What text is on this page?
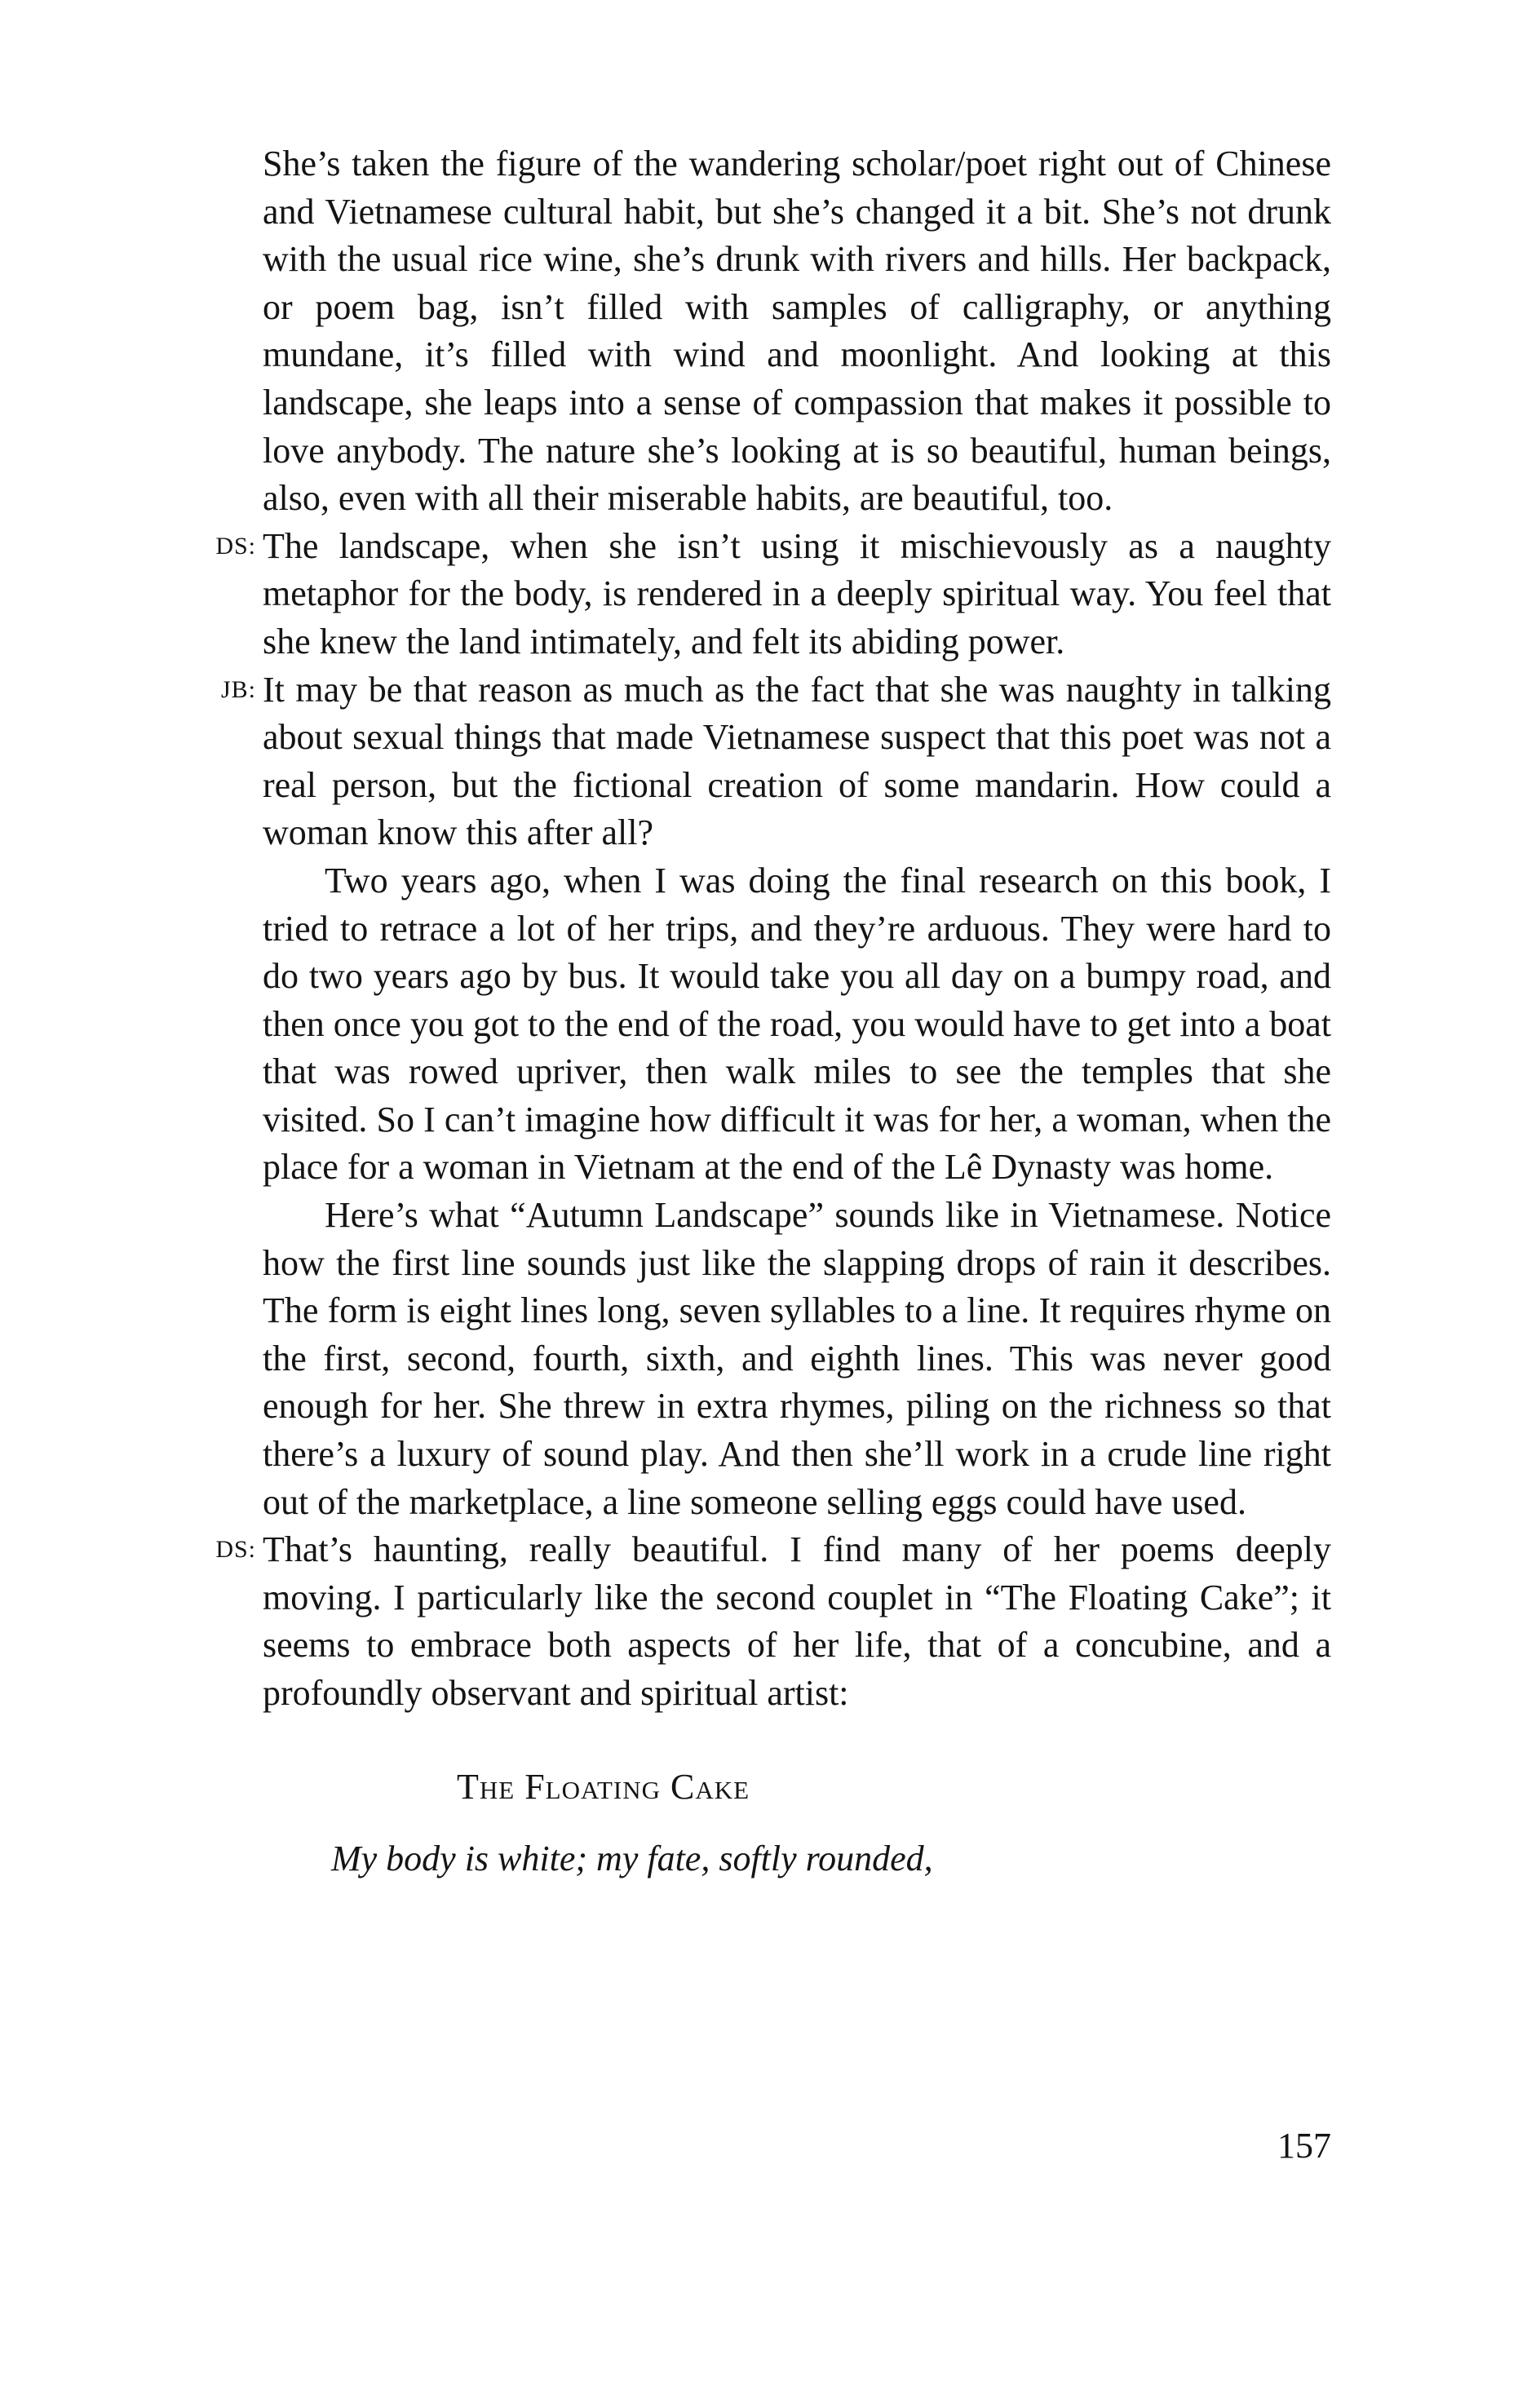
She’s taken the figure of the wandering scholar/poet right out of Chinese and Vietnamese cultural habit, but she’s changed it a bit. She’s not drunk with the usual rice wine, she’s drunk with rivers and hills. Her backpack, or poem bag, isn’t filled with samples of calligraphy, or anything mundane, it’s filled with wind and moonlight. And looking at this landscape, she leaps into a sense of compassion that makes it possible to love anybody. The nature she’s looking at is so beautiful, human beings, also, even with all their miserable habits, are beautiful, too.

DS: The landscape, when she isn’t using it mischievously as a naughty metaphor for the body, is rendered in a deeply spiritual way. You feel that she knew the land intimately, and felt its abiding power.

JB: It may be that reason as much as the fact that she was naughty in talking about sexual things that made Vietnamese suspect that this poet was not a real person, but the fictional creation of some mandarin. How could a woman know this after all?

Two years ago, when I was doing the final research on this book, I tried to retrace a lot of her trips, and they’re arduous. They were hard to do two years ago by bus. It would take you all day on a bumpy road, and then once you got to the end of the road, you would have to get into a boat that was rowed upriver, then walk miles to see the temples that she visited. So I can’t imagine how difficult it was for her, a woman, when the place for a woman in Vietnam at the end of the Lê Dynasty was home.

Here’s what “Autumn Landscape” sounds like in Vietnamese. Notice how the first line sounds just like the slapping drops of rain it describes. The form is eight lines long, seven syllables to a line. It requires rhyme on the first, second, fourth, sixth, and eighth lines. This was never good enough for her. She threw in extra rhymes, piling on the richness so that there’s a luxury of sound play. And then she’ll work in a crude line right out of the marketplace, a line someone selling eggs could have used.

DS: That’s haunting, really beautiful. I find many of her poems deeply moving. I particularly like the second couplet in “The Floating Cake”; it seems to embrace both aspects of her life, that of a concubine, and a profoundly observant and spiritual artist:

The Floating Cake

My body is white; my fate, softly rounded,

157
